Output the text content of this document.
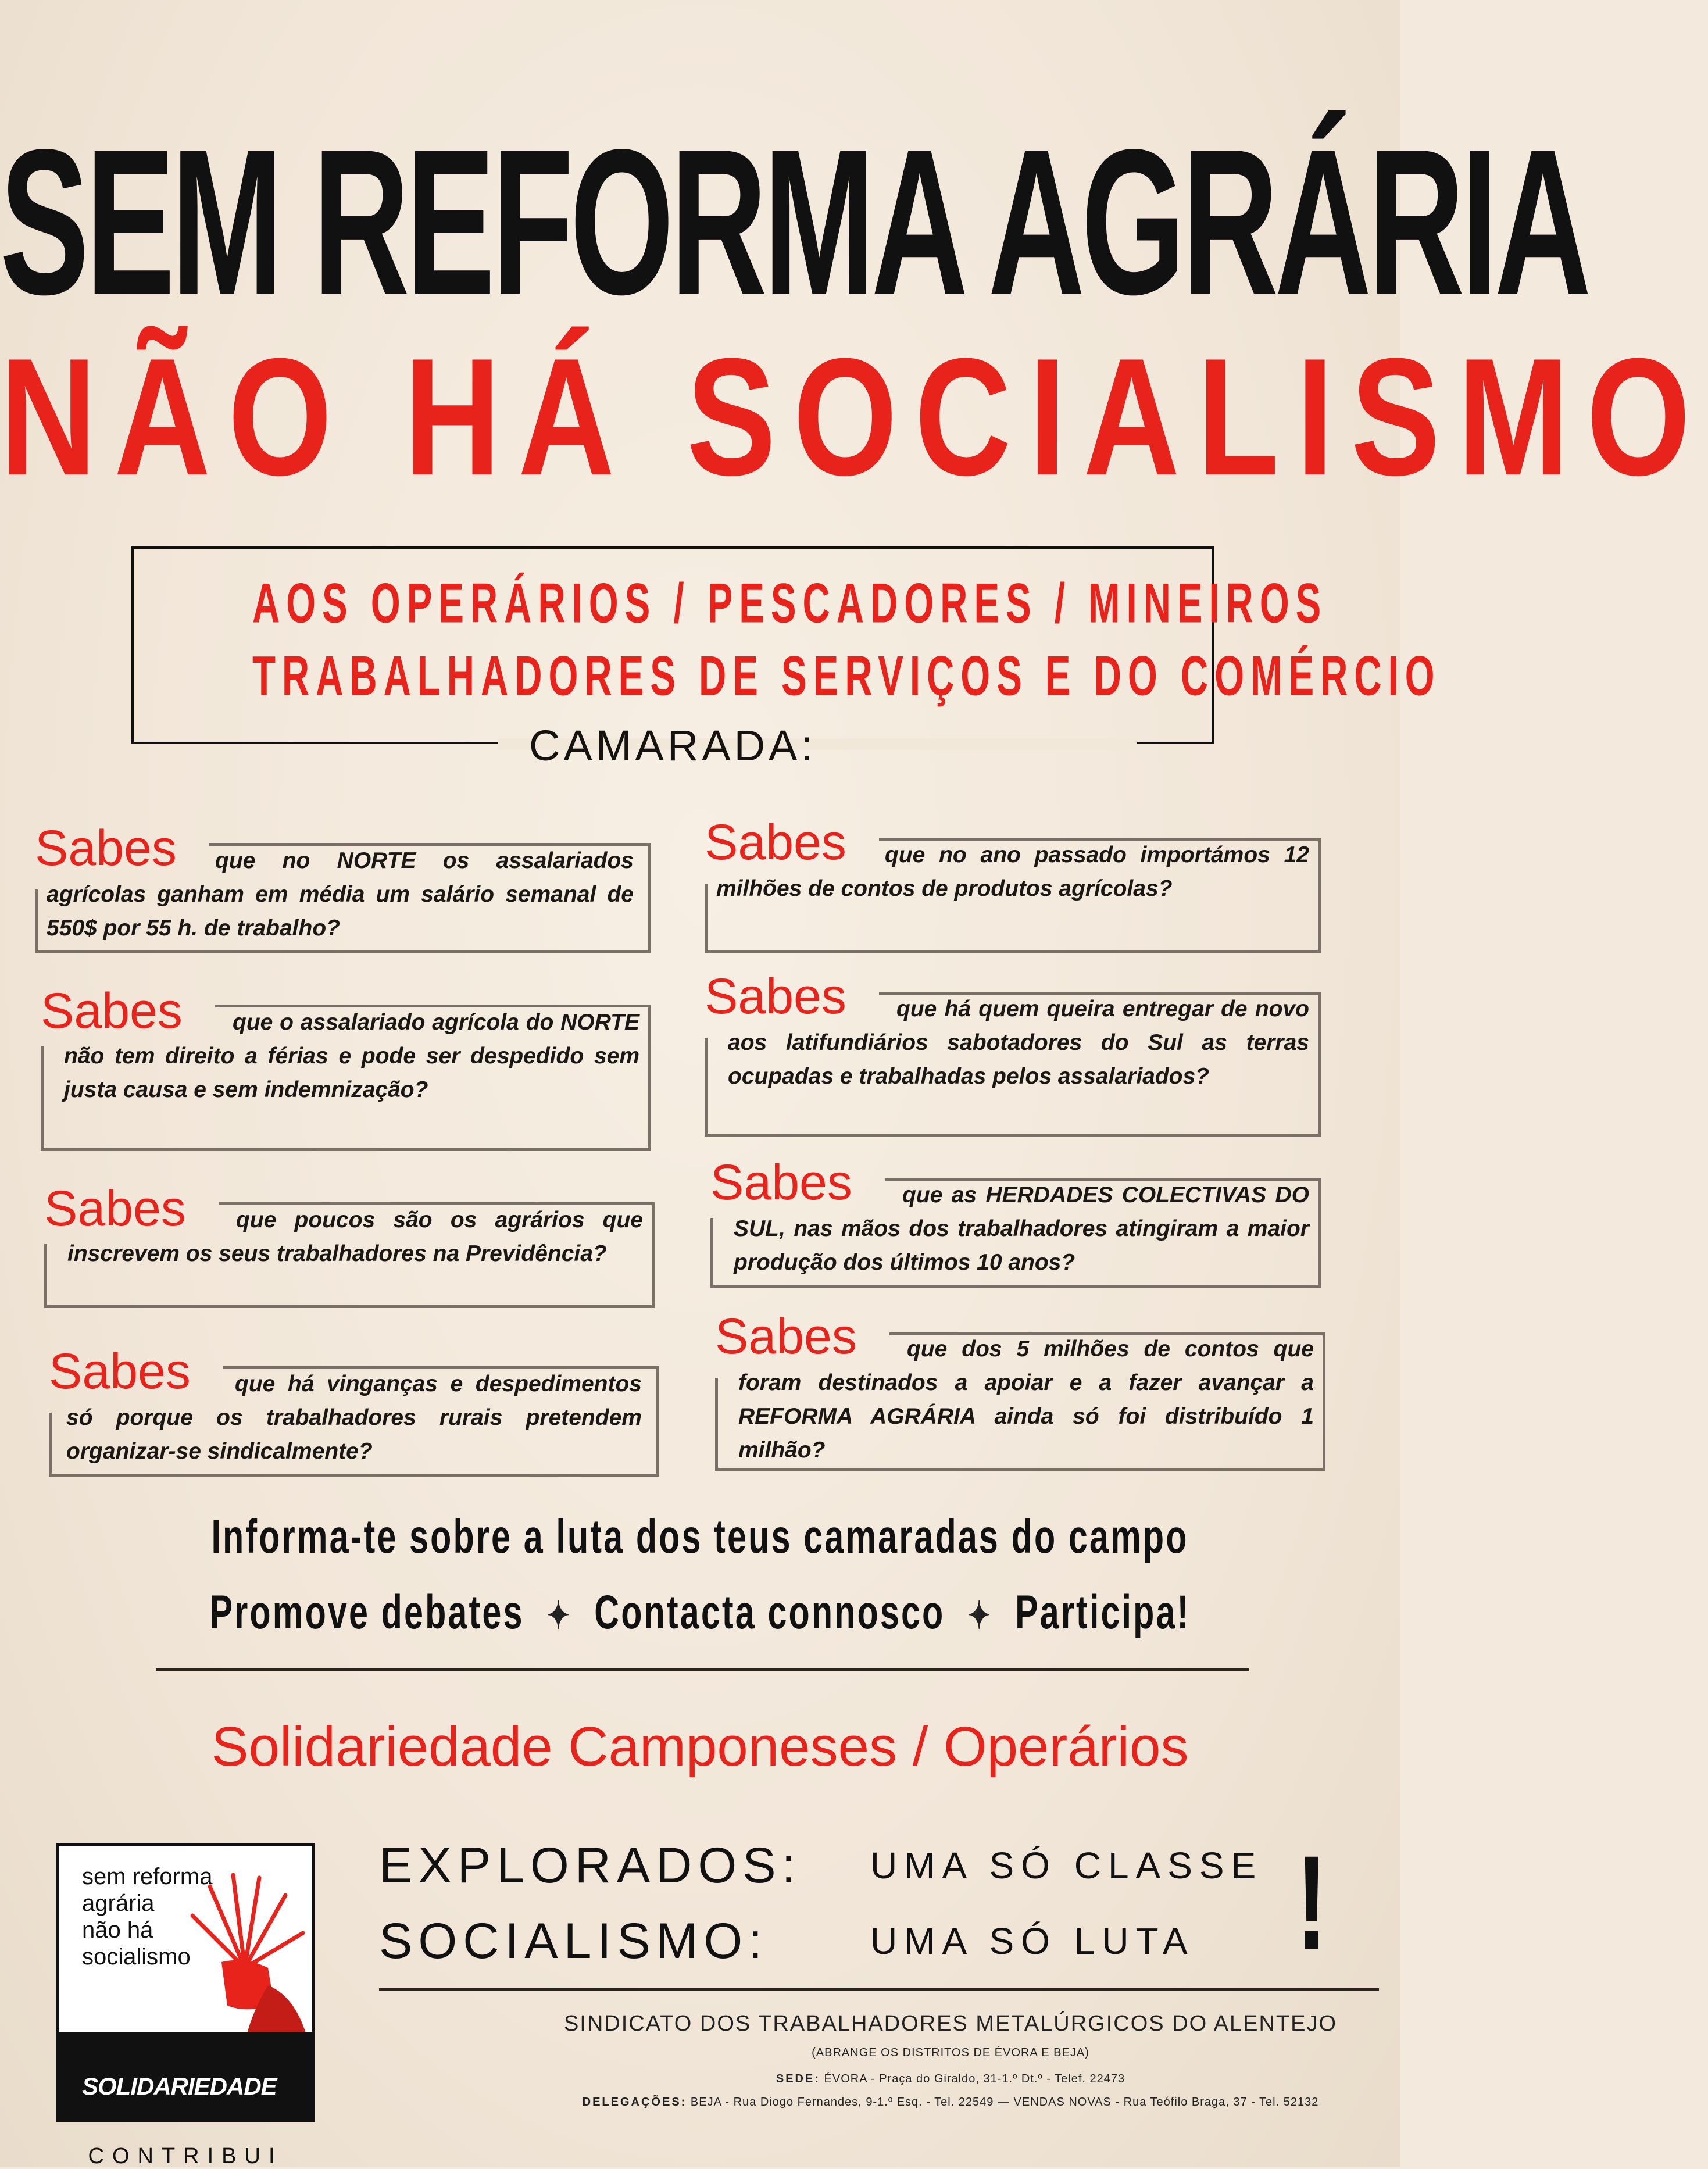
SEM REFORMA AGRÁRIA
NÃO HÁ SOCIALISMO
AOS OPERÁRIOS / PESCADORES / MINEIROS
TRABALHADORES DE SERVIÇOS E DO COMÉRCIO
CAMARADA:
Sabes	que no NORTE os assalariados agrícolas ganham em média um salário semanal de 550$ por 55 h. de trabalho?
Sabes	que o assalariado agrícola do NORTE não tem direito a férias e pode ser despedido sem justa causa e sem indemnização?
Sabes	que poucos são os agrários que inscrevem os seus trabalhadores na Previdência?
Sabes	que há vinganças e despedimentos só porque os trabalhadores rurais pretendem organizar-se sindicalmente?
Sabes	que no ano passado importámos 12 milhões de contos de produtos agrícolas?
Sabes	que há quem queira entregar de novo aos latifundiários sabotadores do Sul as terras ocupadas e trabalhadas pelos assalariados?
Sabes	que as HERDADES COLECTIVAS DO SUL, nas mãos dos trabalhadores atingiram a maior produção dos últimos 10 anos?
Sabes	que dos 5 milhões de contos que foram destinados a apoiar e a fazer avançar a REFORMA AGRÁRIA ainda só foi distribuído 1 milhão?
Informa-te sobre a luta dos teus camaradas do campo
Promove debates ✦ Contacta connosco ✦ Participa!
Solidariedade Camponeses / Operários
sem reforma
agrária
não há
socialismo
SOLIDARIEDADE
CONTRIBUI
EXPLORADOS: UMA SÓ CLASSE
SOCIALISMO:	UMA SÓ LUTA !
SINDICATO DOS TRABALHADORES METALÚRGICOS DO ALENTEJO
(ABRANGE OS DISTRITOS DE ÉVORA E BEJA)
SEDE: ÉVORA - Praça do Giraldo, 31-1.º Dt.º - Telef. 22473
DELEGAÇÕES: BEJA - Rua Diogo Fernandes, 9-1.º Esq. - Tel. 22549 — VENDAS NOVAS - Rua Teófilo Braga, 37 - Tel. 52132
